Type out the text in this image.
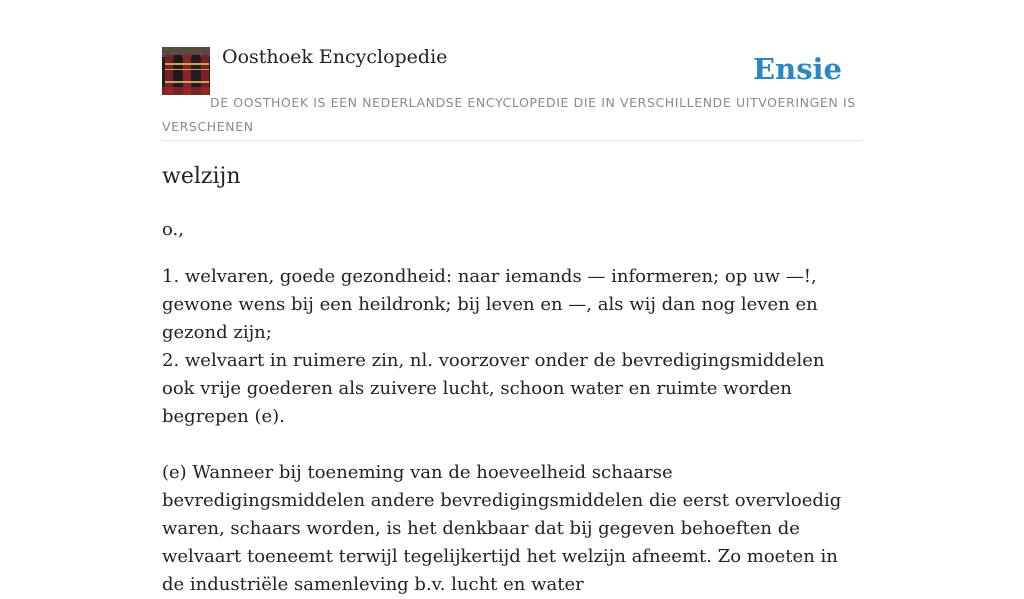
Oosthoek Encyclopedie	Ensie
DE OOSTHOEK IS EEN NEDERLANDSE ENCYCLOPEDIE DIE IN VERSCHILLENDE UITVOERINGEN IS VERSCHENEN
welzijn
o.,

1. welvaren, goede gezondheid: naar iemands — informeren; op uw —!, gewone wens bij een heildronk; bij leven en —, als wij dan nog leven en gezond zijn;

2. welvaart in ruimere zin, nl. voorzover onder de bevredigingsmiddelen ook vrije goederen als zuivere lucht, schoon water en ruimte worden begrepen (e).

(e) Wanneer bij toeneming van de hoeveelheid schaarse bevredigingsmiddelen andere bevredigingsmiddelen die eerst overvloedig waren, schaars worden, is het denkbaar dat bij gegeven behoeften de welvaart toeneemt terwijl tegelijkertijd het welzijn afneemt. Zo moeten in de industriële samenleving b.v. lucht en water
